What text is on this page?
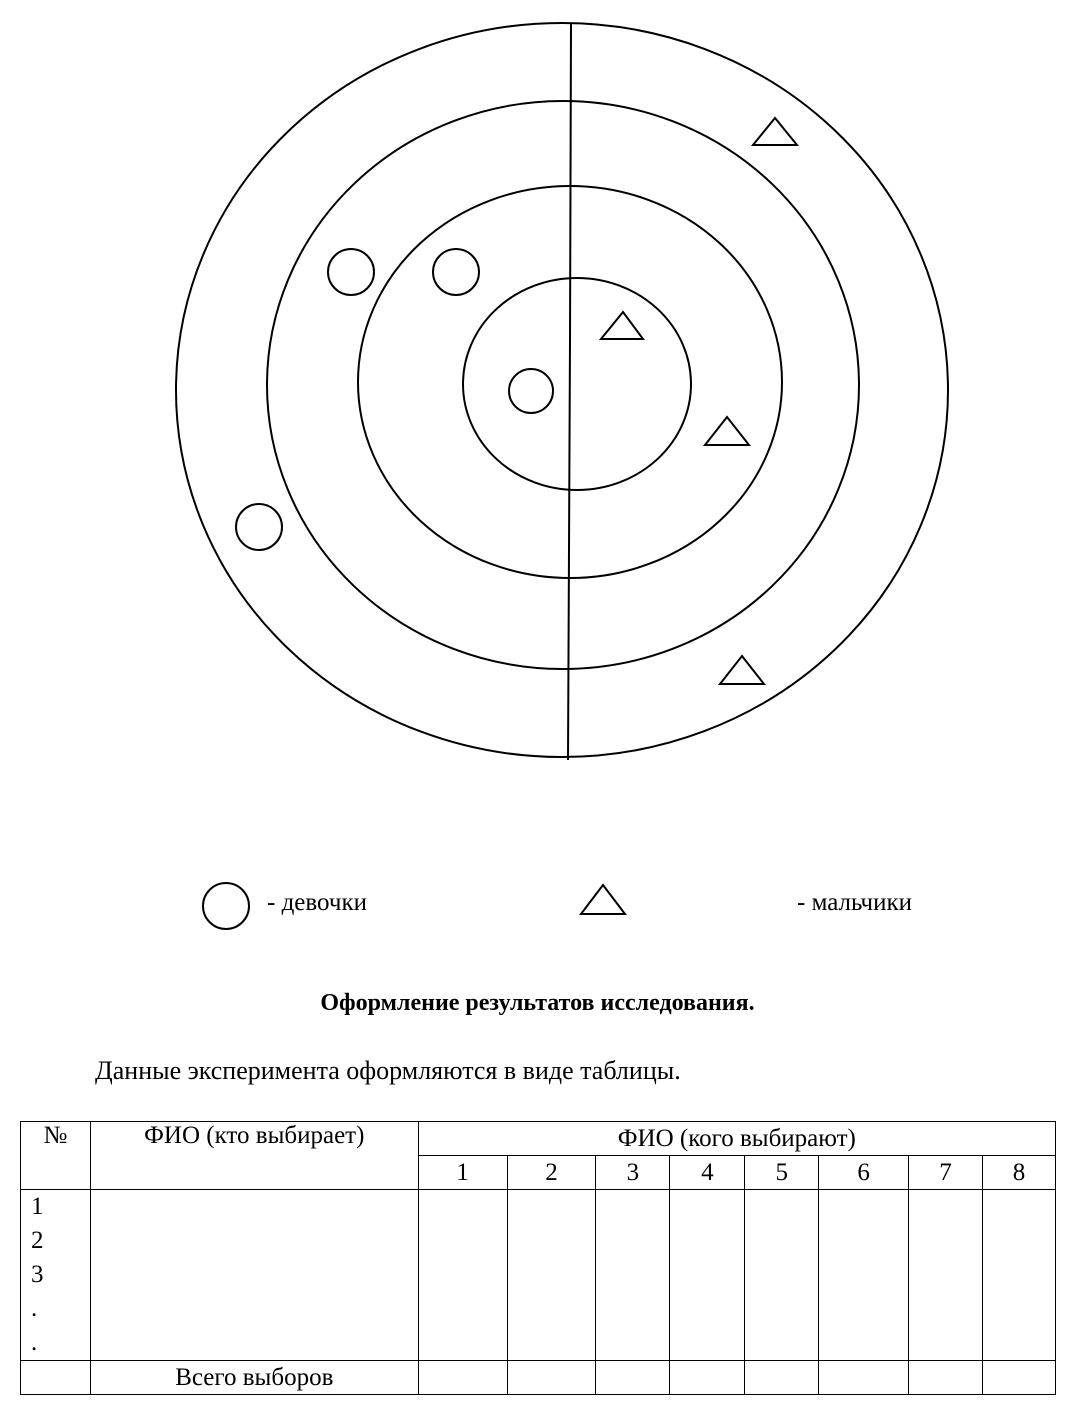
- девочки	- мальчики
Оформление результатов исследования.
Данные эксперимента оформляются в виде таблицы.
№	ФИО (кто выбирает)	ФИО (кого выбирают)							
		1	2	3	4	5	6	7	8

1
2
3
.
.									

	Всего выборов								
